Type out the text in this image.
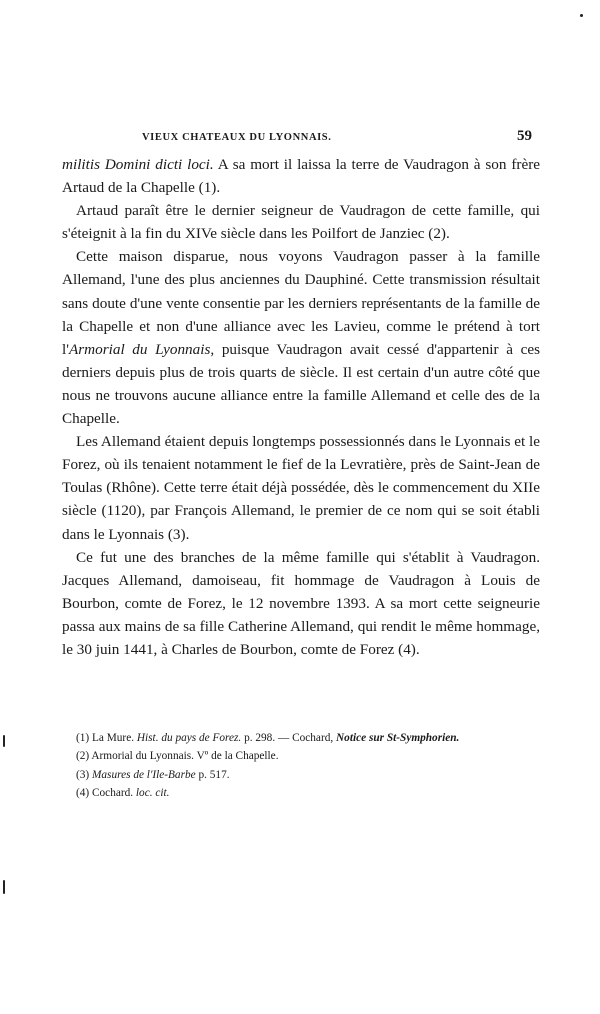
VIEUX CHATEAUX DU LYONNAIS.	59

militis Domini dicti loci. A sa mort il laissa la terre de Vaudragon à son frère Artaud de la Chapelle (1).

Artaud paraît être le dernier seigneur de Vaudragon de cette famille, qui s'éteignit à la fin du XIVe siècle dans les Poilfort de Janziec (2).

Cette maison disparue, nous voyons Vaudragon passer à la famille Allemand, l'une des plus anciennes du Dauphiné. Cette transmission résultait sans doute d'une vente consentie par les derniers représentants de la famille de la Chapelle et non d'une alliance avec les Lavieu, comme le prétend à tort l'Armorial du Lyonnais, puisque Vaudragon avait cessé d'appartenir à ces derniers depuis plus de trois quarts de siècle. Il est certain d'un autre côté que nous ne trouvons aucune alliance entre la famille Allemand et celle des de la Chapelle.

Les Allemand étaient depuis longtemps possessionnés dans le Lyonnais et le Forez, où ils tenaient notamment le fief de la Levratière, près de Saint-Jean de Toulas (Rhône). Cette terre était déjà possédée, dès le commencement du XIIe siècle (1120), par François Allemand, le premier de ce nom qui se soit établi dans le Lyonnais (3).

Ce fut une des branches de la même famille qui s'établit à Vaudragon. Jacques Allemand, damoiseau, fit hommage de Vaudragon à Louis de Bourbon, comte de Forez, le 12 novembre 1393. A sa mort cette seigneurie passa aux mains de sa fille Catherine Allemand, qui rendit le même hommage, le 30 juin 1441, à Charles de Bourbon, comte de Forez (4).

(1) La Mure. Hist. du pays de Forez. p. 298. — Cochard, Notice sur St-Symphorien.

(2) Armorial du Lyonnais. Vº de la Chapelle.

(3) Masures de l'Ile-Barbe p. 517.

(4) Cochard. loc. cit.
